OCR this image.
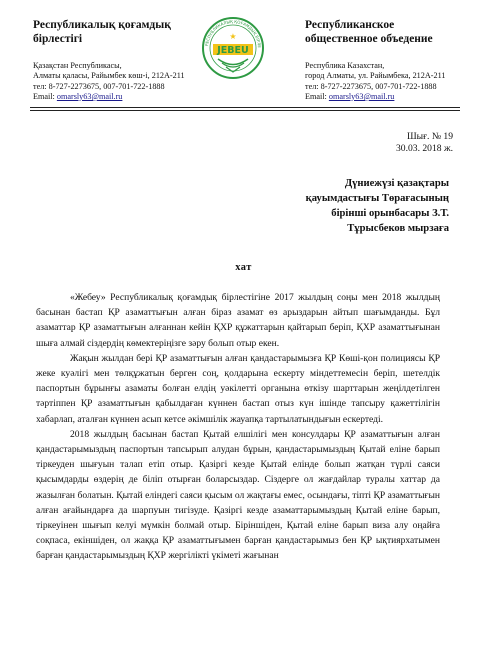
Республикалық қоғамдық
бірлестігі
Қазақстан Республикасы,
Алматы қаласы, Райымбек көш-і, 212А-211
тел: 8-727-2273675, 007-701-722-1888
Email: omarsly63@mail.ru
РЕСПУБЛИКАЛЫҚ ҚОҒАМДЫҚ БІРЛЕ
★
JEBEU
Республиканское
общественное объедение
Республика Казахстан,
город Алматы, ул. Райымбека, 212А-211
тел: 8-727-2273675, 007-701-722-1888
Email: omarsly63@mail.ru
Шығ. № 19
30.03. 2018 ж.
Дүниежүзі қазақтары
қауымдастығы Төрағасының
бірінші орынбасары З.Т.
Тұрысбеков мырзаға
хат

«Жебеу» Республикалық қоғамдық бірлестігіне 2017 жылдың соңы мен 2018 жылдың басынан бастап ҚР азаматтығын алған біраз азамат өз арыздарын айтып шағымданды. Бұл азаматтар ҚР азаматтығын алғаннан кейін ҚХР құжаттарын қайтарып беріп, ҚХР азаматтығынан шыға алмай сіздердің көмектеріңізге зәру болып отыр екен.

Жақын жылдан бері ҚР азаматтығын алған қандастарымызға ҚР Көші-қон полициясы ҚР жеке куәлігі мен төлқұжатын берген соң, қолдарына ескерту міндеттемесін беріп, шетелдік паспортын бұрынғы азаматы болған елдің уәкілетті органына өткізу шарттарын жеңілдетілген тәртіппен ҚР азаматтығын қабылдаған күннен бастап отыз күн ішінде тапсыру қажеттілігін хабарлап, аталған күннен асып кетсе әкімшілік жауапқа тартылатындығын ескертеді.

2018 жылдың басынан бастап Қытай елшілігі мен консулдары ҚР азаматтығын алған қандастарымыздың паспортын тапсырып алудан бұрын, қандастарымыздың Қытай еліне барып тіркеуден шығуын талап етіп отыр. Қазіргі кезде Қытай елінде болып жатқан түрлі саяси қысымдарды өздерің де біліп отырған боларсыздар. Сіздерге ол жағдайлар туралы хаттар да жазылған болатын. Қытай еліндегі саяси қысым ол жақтағы емес, осындағы, тіпті ҚР азаматтығын алған ағайындарға да шарпуын тигізуде. Қазіргі кезде азаматтарымыздың Қытай еліне барып, тіркеуінен шығып келуі мүмкін болмай отыр. Біріншіден, Қытай еліне барып виза алу оңайға соқпаса, екіншіден, ол жаққа ҚР азаматтығымен барған қандастарымыз бен ҚР ықтиярхатымен барған қандастарымыздың ҚХР жергілікті үкіметі жағынан
